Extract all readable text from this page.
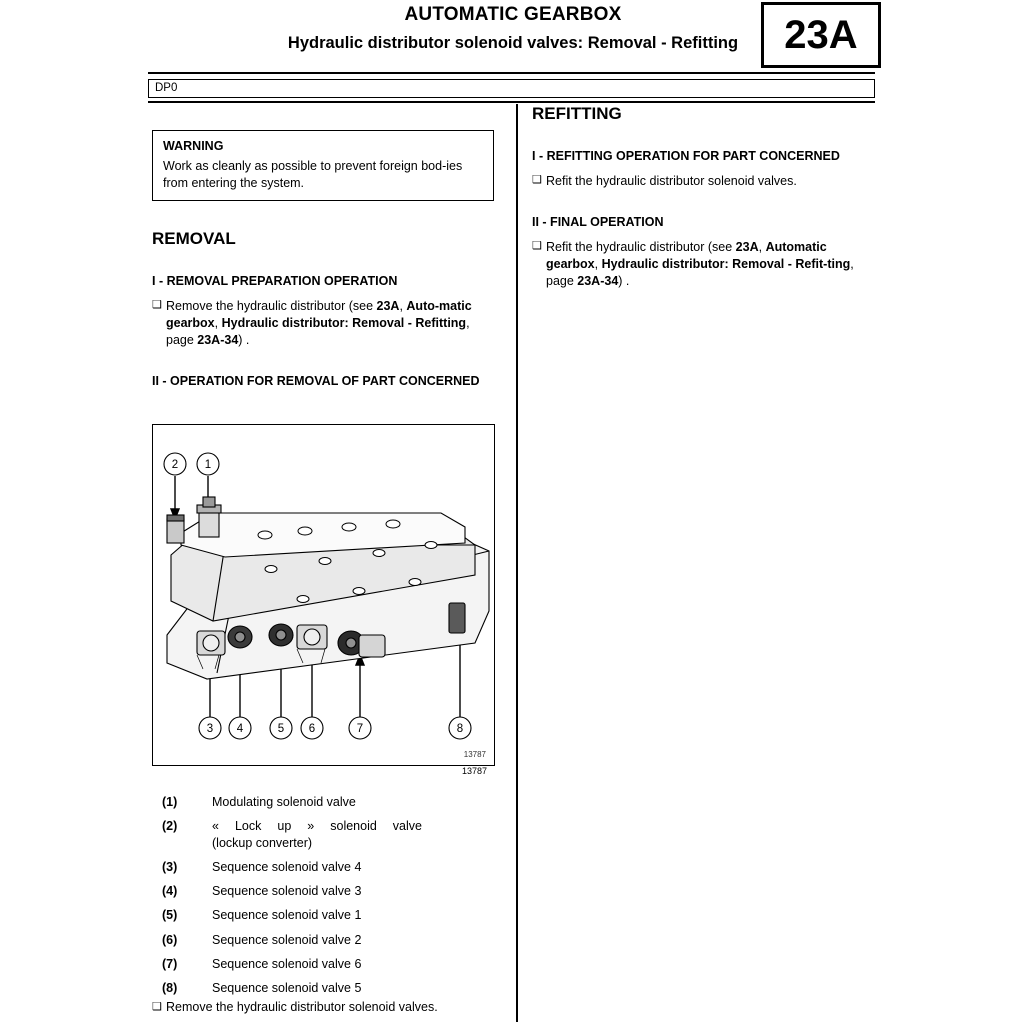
AUTOMATIC GEARBOX
Hydraulic distributor solenoid valves: Removal - Refitting	23A
DP0
WARNING
Work as cleanly as possible to prevent foreign bod-ies from entering the system.
REMOVAL
I - REMOVAL PREPARATION OPERATION
❑ Remove the hydraulic distributor (see 23A, Auto-matic gearbox, Hydraulic distributor: Removal - Refitting, page 23A-34) .
II - OPERATION FOR REMOVAL OF PART CONCERNED
2 1
3 4	5 6	7	8
13787
13787
(1)	Modulating solenoid valve
(2)	« Lock up » solenoid valve
(lockup converter)
(3)	Sequence solenoid valve 4
(4)	Sequence solenoid valve 3
(5)	Sequence solenoid valve 1
(6)	Sequence solenoid valve 2
(7)	Sequence solenoid valve 6
(8)	Sequence solenoid valve 5
❑ Remove the hydraulic distributor solenoid valves.
REFITTING
I - REFITTING OPERATION FOR PART CONCERNED
❑ Refit the hydraulic distributor solenoid valves.
II - FINAL OPERATION
❑ Refit the hydraulic distributor (see 23A, Automatic gearbox, Hydraulic distributor: Removal - Refit-ting, page 23A-34) .
